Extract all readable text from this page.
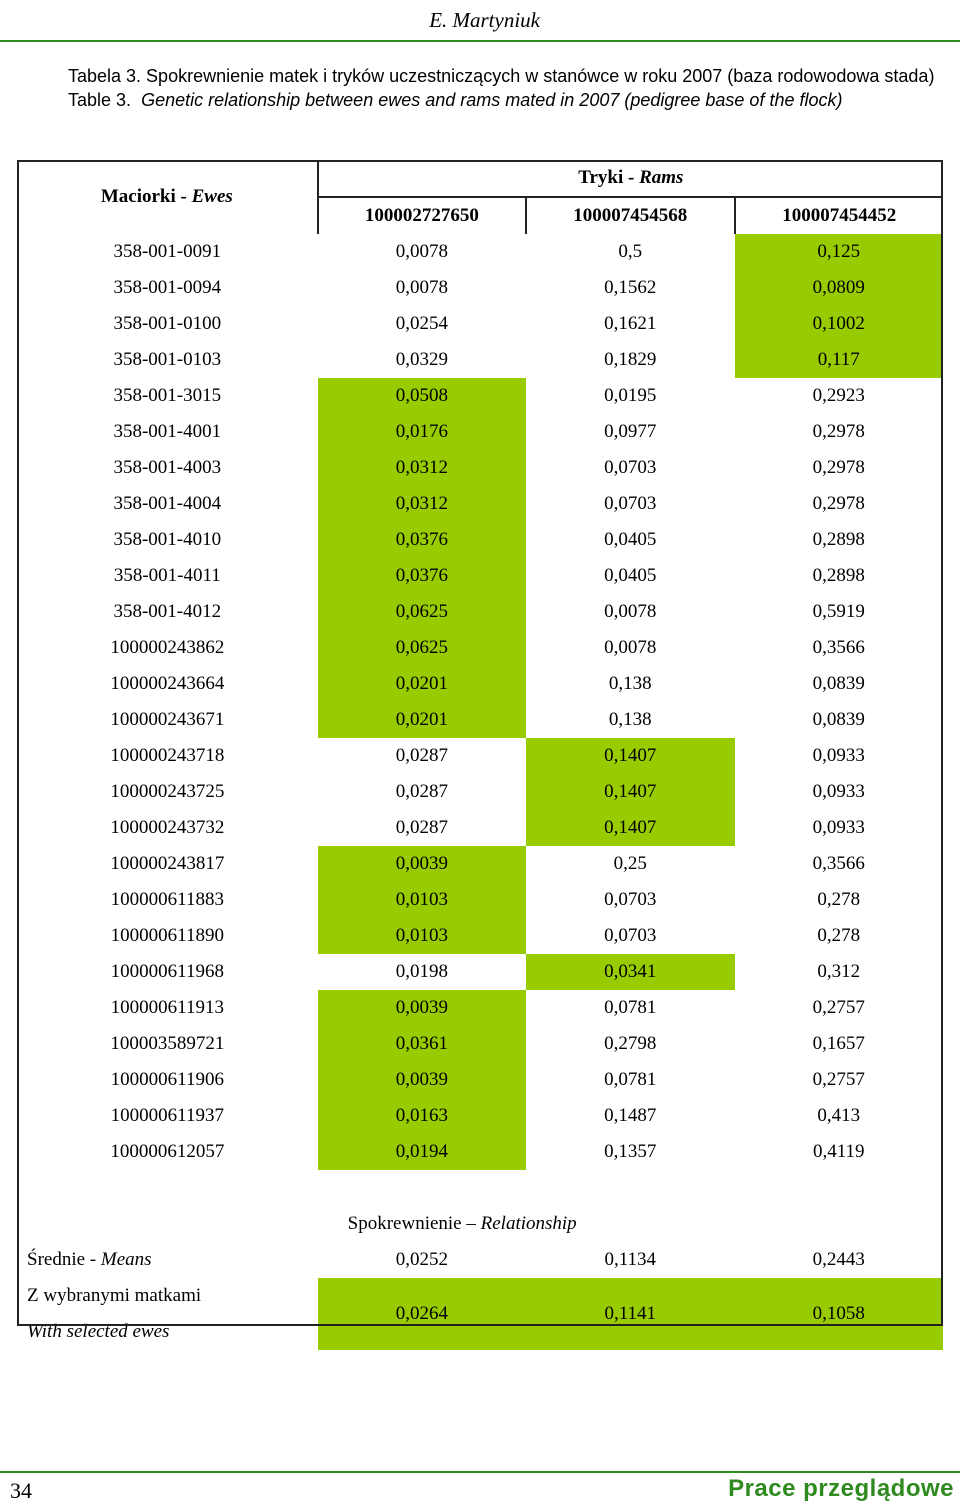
E. Martyniuk
Tabela 3. Spokrewnienie matek i tryków uczestniczących w stanówce w roku 2007 (baza rodowodowa stada)
Table 3. Genetic relationship between ewes and rams mated in 2007 (pedigree base of the flock)
Maciorki - Ewes	Tryki - Rams		
	100002727650	100007454568	100007454452
358-001-0091	0,0078	0,5	0,125
358-001-0094	0,0078	0,1562	0,0809
358-001-0100	0,0254	0,1621	0,1002
358-001-0103	0,0329	0,1829	0,117
358-001-3015	0,0508	0,0195	0,2923
358-001-4001	0,0176	0,0977	0,2978
358-001-4003	0,0312	0,0703	0,2978
358-001-4004	0,0312	0,0703	0,2978
358-001-4010	0,0376	0,0405	0,2898
358-001-4011	0,0376	0,0405	0,2898
358-001-4012	0,0625	0,0078	0,5919
100000243862	0,0625	0,0078	0,3566
100000243664	0,0201	0,138	0,0839
100000243671	0,0201	0,138	0,0839
100000243718	0,0287	0,1407	0,0933
100000243725	0,0287	0,1407	0,0933
100000243732	0,0287	0,1407	0,0933
100000243817	0,0039	0,25	0,3566
100000611883	0,0103	0,0703	0,278
100000611890	0,0103	0,0703	0,278
100000611968	0,0198	0,0341	0,312
100000611913	0,0039	0,0781	0,2757
100003589721	0,0361	0,2798	0,1657
100000611906	0,0039	0,0781	0,2757
100000611937	0,0163	0,1487	0,413
100000612057	0,0194	0,1357	0,4119

	Spokrewnienie – Relationship		
Średnie - Means	0,0252	0,1134	0,2443

Z wybranymi matkami
With selected ewes	0,0264	0,1141	0,1058
34	Prace przeglądowe
